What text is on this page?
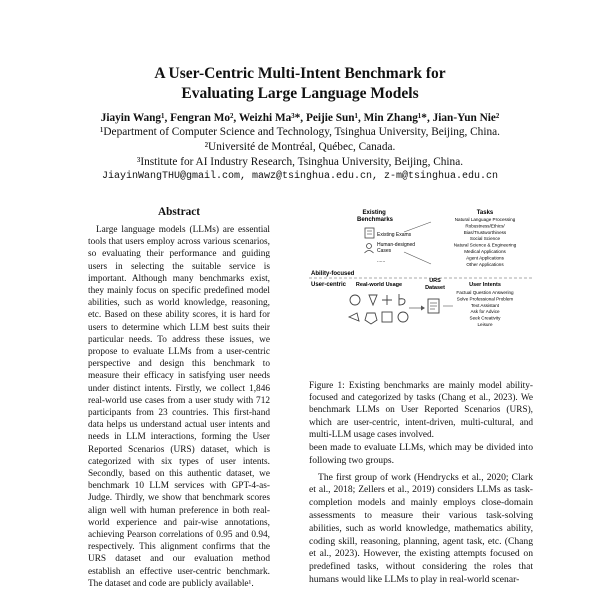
A User-Centric Multi-Intent Benchmark for
Evaluating Large Language Models
Jiayin Wang¹, Fengran Mo², Weizhi Ma³*, Peijie Sun¹, Min Zhang¹*, Jian-Yun Nie²
¹Department of Computer Science and Technology, Tsinghua University, Beijing, China.
²Université de Montréal, Québec, Canada.
³Institute for AI Industry Research, Tsinghua University, Beijing, China.
JiayinWangTHU@gmail.com, mawz@tsinghua.edu.cn, z-m@tsinghua.edu.cn
Abstract

Large language models (LLMs) are essential tools that users employ across various scenarios, so evaluating their performance and guiding users in selecting the suitable service is important. Although many benchmarks exist, they mainly focus on specific predefined model abilities, such as world knowledge, reasoning, etc. Based on these ability scores, it is hard for users to determine which LLM best suits their particular needs. To address these issues, we propose to evaluate LLMs from a user-centric perspective and design this benchmark to measure their efficacy in satisfying user needs under distinct intents. Firstly, we collect 1,846 real-world use cases from a user study with 712 participants from 23 countries. This first-hand data helps us understand actual user intents and needs in LLM interactions, forming the User Reported Scenarios (URS) dataset, which is categorized with six types of user intents. Secondly, based on this authentic dataset, we benchmark 10 LLM services with GPT-4-as-Judge. Thirdly, we show that benchmark scores align well with human preference in both real-world experience and pair-wise annotations, achieving Pearson correlations of 0.95 and 0.94, respectively. This alignment confirms that the URS dataset and our evaluation method establish an effective user-centric benchmark. The dataset and code are publicly available¹.

Existing Benchmarks
Existing Exams
Human-designed
Cases
......
Tasks
Natural Language Processing
Robustness/Ethics/
Bias/Trustworthiness
Social Science
Natural Science & Engineering
Medical Applications
Agent Applications
Other Applications
Ability-focused
User-centric Real-world Usage
URS
Dataset	User Intents
Factual Question Answering
Solve Professional Problem
Text Assistant
Ask for Advice
Seek Creativity
Leisure

Figure 1: Existing benchmarks are mainly model ability-focused and categorized by tasks (Chang et al., 2023). We benchmark LLMs on User Reported Scenarios (URS), which are user-centric, intent-driven, multi-cultural, and multi-LLM usage cases involved.

been made to evaluate LLMs, which may be divided into following two groups.

The first group of work (Hendrycks et al., 2020; Clark et al., 2018; Zellers et al., 2019) considers LLMs as task-completion models and mainly employs close-domain assessments to measure their various task-solving abilities, such as world knowledge, mathematics ability, coding skill, reasoning, planning, agent task, etc. (Chang et al., 2023). However, the existing attempts focused on predefined tasks, without considering the roles that humans would like LLMs to play in real-world scenar-
